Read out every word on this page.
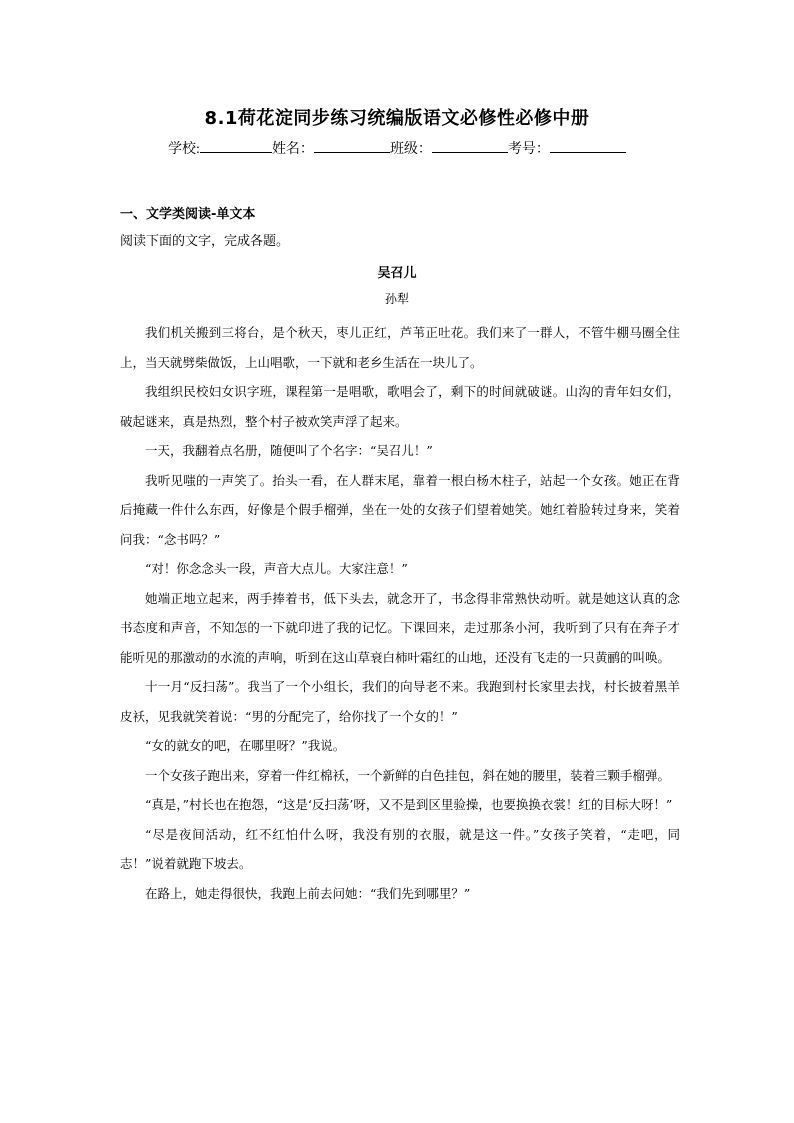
8.1荷花淀同步练习统编版语文必修性必修中册
学校:	姓名：	班级：	考号：
一、文学类阅读-单文本
阅读下面的文字，完成各题。
吴召儿
孙犁

我们机关搬到三将台，是个秋天，枣儿正红，芦苇正吐花。我们来了一群人，不管牛棚马圈全住上，当天就劈柴做饭，上山唱歌，一下就和老乡生活在一块儿了。

我组织民校妇女识字班，课程第一是唱歌，歌唱会了，剩下的时间就破谜。山沟的青年妇女们，破起谜来，真是热烈，整个村子被欢笑声浮了起来。

一天，我翻着点名册，随便叫了个名字：“吴召儿！”

我听见嗤的一声笑了。抬头一看，在人群末尾，靠着一根白杨木柱子，站起一个女孩。她正在背后掩藏一件什么东西，好像是个假手榴弹，坐在一处的女孩子们望着她笑。她红着脸转过身来，笑着问我：“念书吗？”

“对！你念念头一段，声音大点儿。大家注意！”

她端正地立起来，两手捧着书，低下头去，就念开了，书念得非常熟快动听。就是她这认真的念书态度和声音，不知怎的一下就印进了我的记忆。下课回来，走过那条小河，我听到了只有在奔子才能听见的那激动的水流的声响，听到在这山草衰白柿叶霜红的山地，还没有飞走的一只黄鹂的叫唤。

十一月“反扫荡”。我当了一个小组长，我们的向导老不来。我跑到村长家里去找，村长披着黑羊皮袄，见我就笑着说：“男的分配完了，给你找了一个女的！”

“女的就女的吧，在哪里呀？”我说。

一个女孩子跑出来，穿着一件红棉袄，一个新鲜的白色挂包，斜在她的腰里，装着三颗手榴弹。

“真是，”村长也在抱怨，“这是‘反扫荡’呀，又不是到区里验操，也要换换衣裳！红的目标大呀！”

“尽是夜间活动，红不红怕什么呀，我没有别的衣服，就是这一件。”女孩子笑着，“走吧，同志！”说着就跑下坡去。

在路上，她走得很快，我跑上前去问她：“我们先到哪里？”
